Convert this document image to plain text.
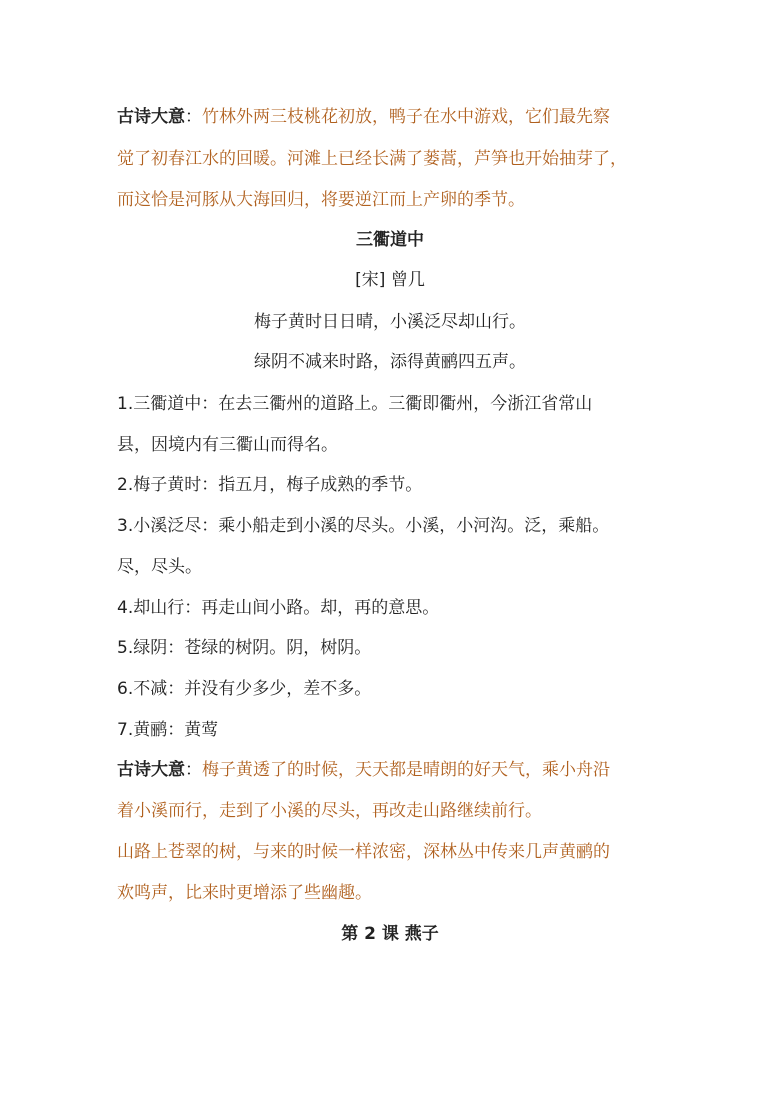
古诗大意：竹林外两三枝桃花初放，鸭子在水中游戏，它们最先察
觉了初春江水的回暖。河滩上已经长满了蒌蒿，芦笋也开始抽芽了，
而这恰是河豚从大海回归，将要逆江而上产卵的季节。
三衢道中
[宋] 曾几
梅子黄时日日晴，小溪泛尽却山行。
绿阴不减来时路，添得黄鹂四五声。
1.三衢道中：在去三衢州的道路上。三衢即衢州，今浙江省常山
县，因境内有三衢山而得名。
2.梅子黄时：指五月，梅子成熟的季节。
3.小溪泛尽：乘小船走到小溪的尽头。小溪，小河沟。泛，乘船。
尽，尽头。
4.却山行：再走山间小路。却，再的意思。
5.绿阴：苍绿的树阴。阴，树阴。
6.不减：并没有少多少，差不多。
7.黄鹂：黄莺
古诗大意：梅子黄透了的时候，天天都是晴朗的好天气，乘小舟沿
着小溪而行，走到了小溪的尽头，再改走山路继续前行。
山路上苍翠的树，与来的时候一样浓密，深林丛中传来几声黄鹂的
欢鸣声，比来时更增添了些幽趣。
第 2 课 燕子
